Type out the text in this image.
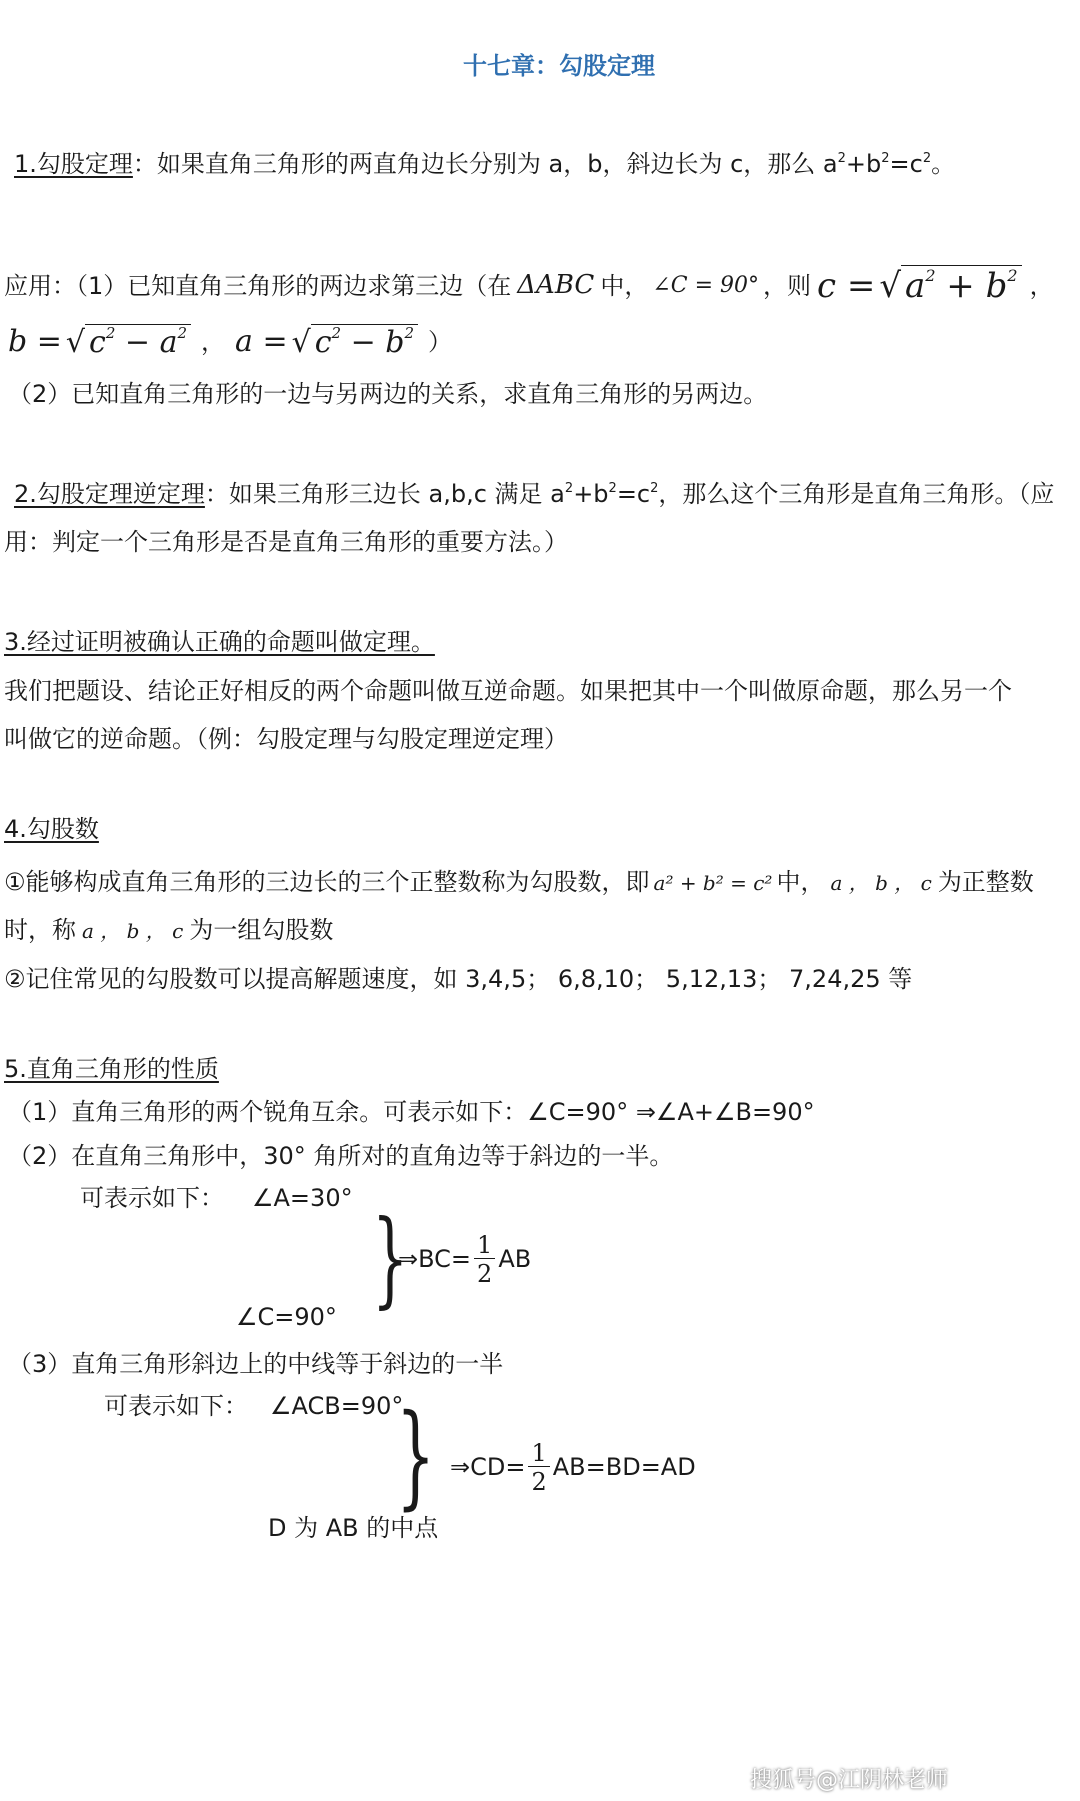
十七章：勾股定理
1.勾股定理：如果直角三角形的两直角边长分别为 a，b，斜边长为 c，那么 $a^2+b^2=c^2$。
应用：（1）已知直角三角形的两边求第三边（在 ΔABC 中， ∠C = 90° ，则 c = √ $a^2 + b^2$ ，
b = √ $c^2 - a^2$ ， a = √ $c^2 - b^2$ ）
（2）已知直角三角形的一边与另两边的关系，求直角三角形的另两边。
2.勾股定理逆定理：如果三角形三边长 a,b,c 满足 $a^2+b^2=c^2$，那么这个三角形是直角三角形。（应
用：判定一个三角形是否是直角三角形的重要方法。）
3.经过证明被确认正确的命题叫做定理。
我们把题设、结论正好相反的两个命题叫做互逆命题。如果把其中一个叫做原命题，那么另一个
叫做它的逆命题。（例：勾股定理与勾股定理逆定理）
4.勾股数
①能够构成直角三角形的三边长的三个正整数称为勾股数，即 a² + b² = c² 中， a ， b ， c 为正整数
时，称 a ， b ， c 为一组勾股数
②记住常见的勾股数可以提高解题速度，如 3,4,5； 6,8,10； 5,12,13； 7,24,25 等
5.直角三角形的性质
（1）直角三角形的两个锐角互余。可表示如下：∠C=90° ⇒∠A+∠B=90°
（2）在直角三角形中，30° 角所对的直角边等于斜边的一半。
可表示如下： ∠A=30° }
⇒BC= $\frac{1}{2}$ AB
∠C=90°
（3）直角三角形斜边上的中线等于斜边的一半
可表示如下： ∠ACB=90°
} ⇒CD= $\frac{1}{2} AB=BD=AD$
D 为 AB 的中点
搜狐号@江阴林老师
